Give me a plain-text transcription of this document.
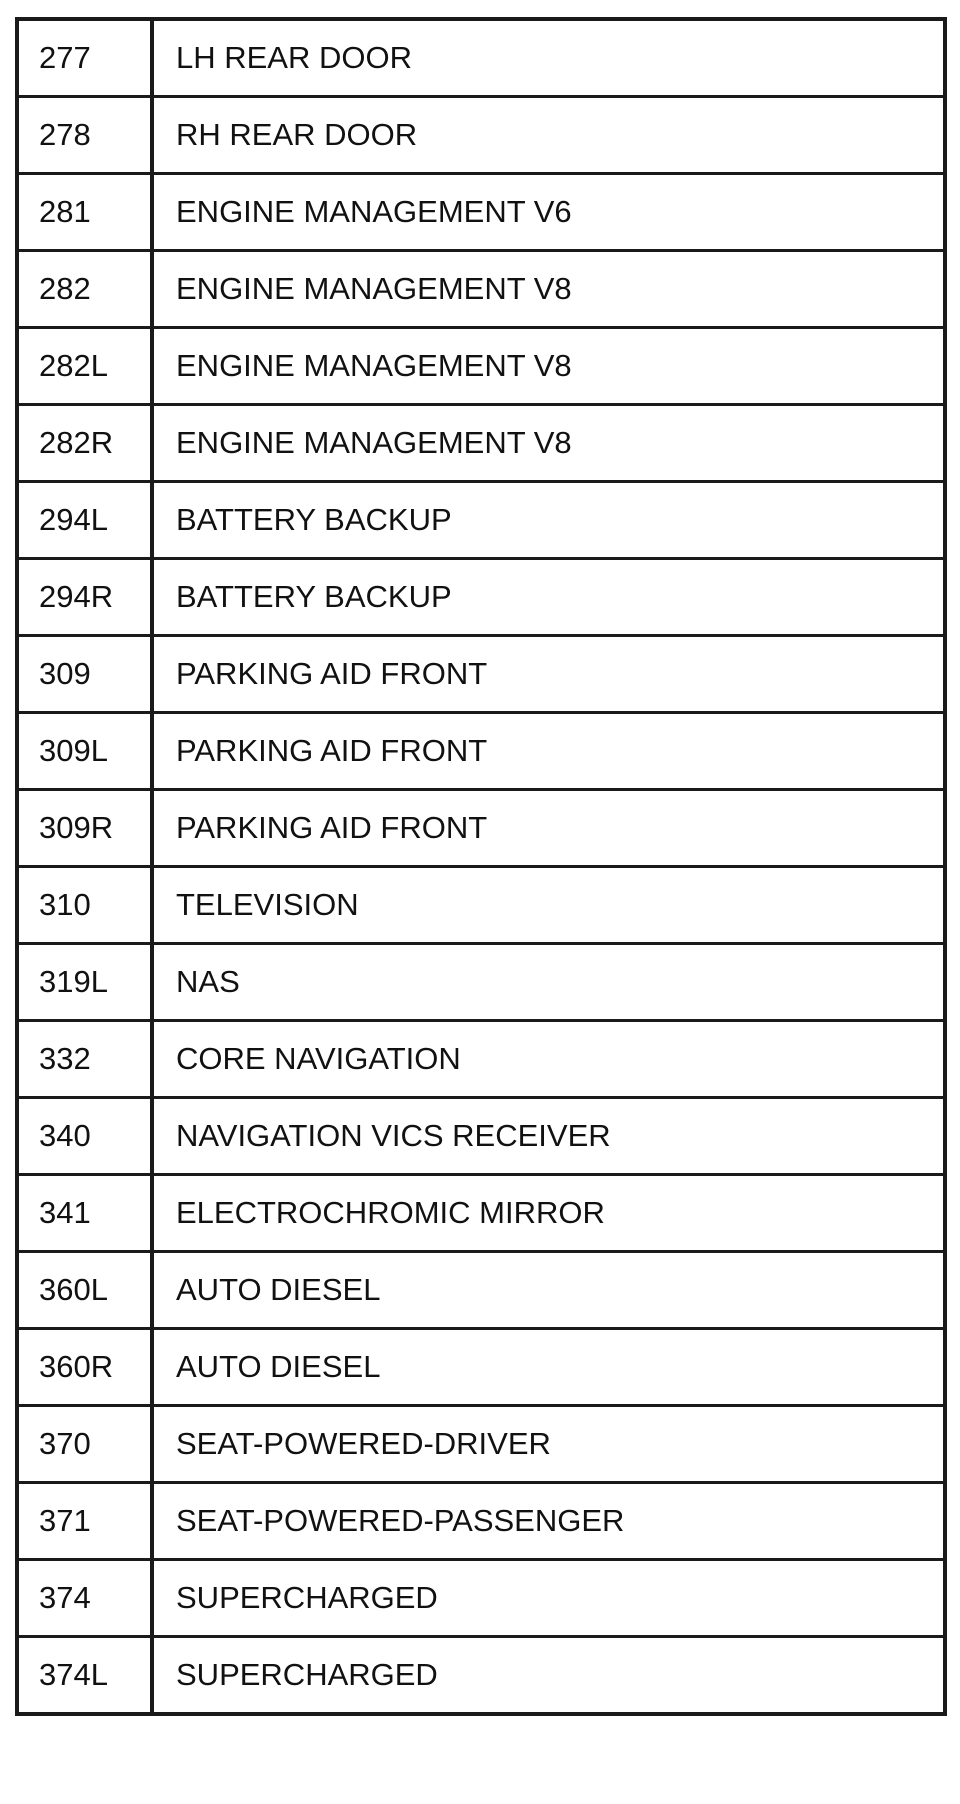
277	LH REAR DOOR
278	RH REAR DOOR
281	ENGINE MANAGEMENT V6
282	ENGINE MANAGEMENT V8
282L	ENGINE MANAGEMENT V8
282R	ENGINE MANAGEMENT V8
294L	BATTERY BACKUP
294R	BATTERY BACKUP
309	PARKING AID FRONT
309L	PARKING AID FRONT
309R	PARKING AID FRONT
310	TELEVISION
319L	NAS
332	CORE NAVIGATION
340	NAVIGATION VICS RECEIVER
341	ELECTROCHROMIC MIRROR
360L	AUTO DIESEL
360R	AUTO DIESEL
370	SEAT-POWERED-DRIVER
371	SEAT-POWERED-PASSENGER
374	SUPERCHARGED
374L	SUPERCHARGED
